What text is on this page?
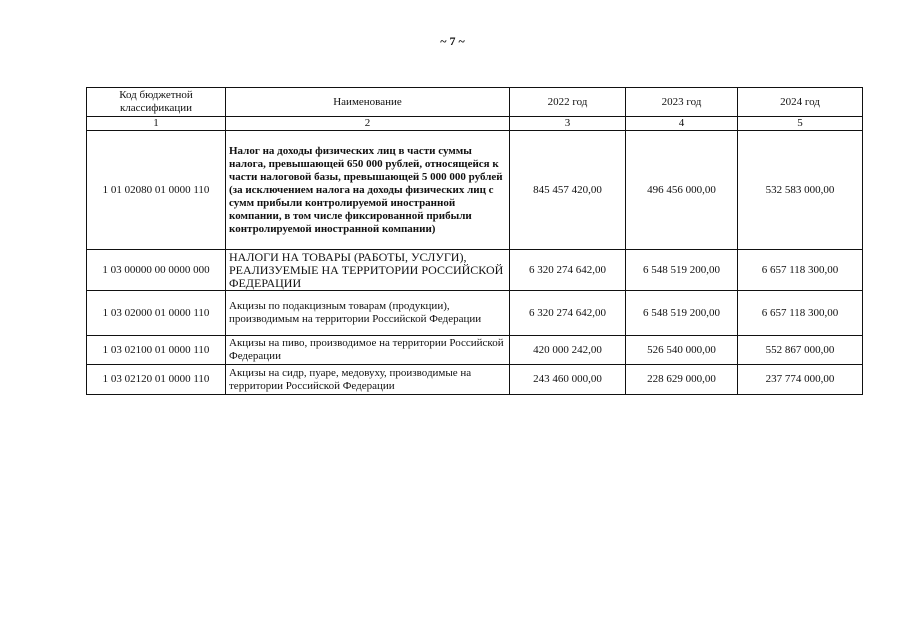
~ 7 ~
Код бюджетной классификации	Наименование	2022 год	2023 год	2024 год
1	2	3	4	5
1 01 02080 01 0000 110	Налог на доходы физических лиц в части суммы налога, превышающей 650 000 рублей, относящейся к части налоговой базы, превышающей 5 000 000 рублей (за исключением налога на доходы физических лиц с сумм прибыли контролируемой иностранной компании, в том числе фиксированной прибыли контролируемой иностранной компании)	845 457 420,00	496 456 000,00	532 583 000,00
1 03 00000 00 0000 000	НАЛОГИ НА ТОВАРЫ (РАБОТЫ, УСЛУГИ), РЕАЛИЗУЕМЫЕ НА ТЕРРИТОРИИ РОССИЙСКОЙ ФЕДЕРАЦИИ	6 320 274 642,00	6 548 519 200,00	6 657 118 300,00
1 03 02000 01 0000 110	Акцизы по подакцизным товарам (продукции), производимым на территории Российской Федерации	6 320 274 642,00	6 548 519 200,00	6 657 118 300,00
1 03 02100 01 0000 110	Акцизы на пиво, производимое на территории Российской Федерации	420 000 242,00	526 540 000,00	552 867 000,00
1 03 02120 01 0000 110	Акцизы на сидр, пуаре, медовуху, производимые на территории Российской Федерации	243 460 000,00	228 629 000,00	237 774 000,00
